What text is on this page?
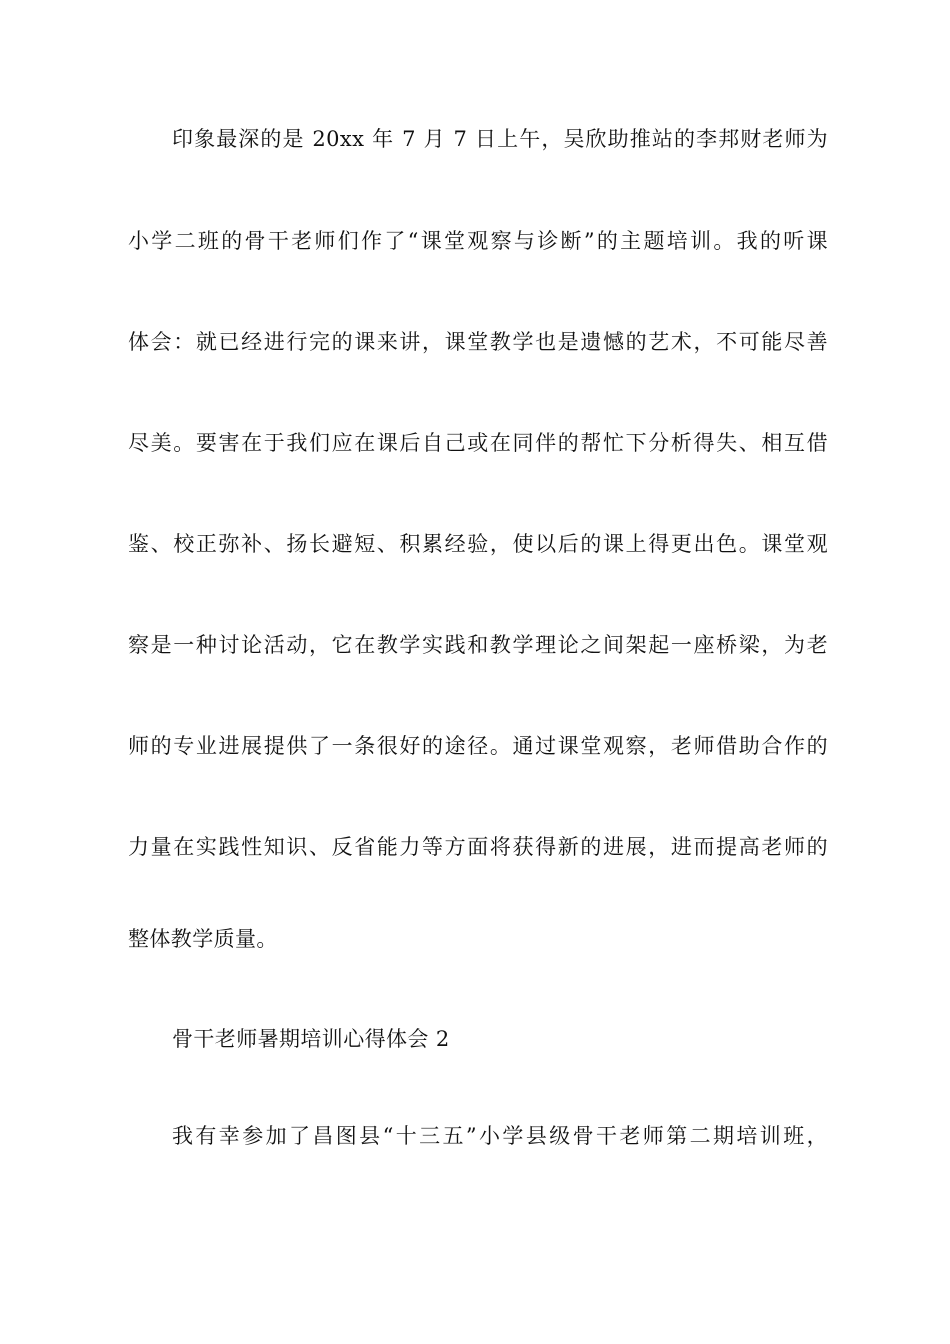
印象最深的是 20xx 年 7 月 7 日上午，吴欣助推站的李邦财老师为
小学二班的骨干老师们作了“课堂观察与诊断”的主题培训。我的听课
体会：就已经进行完的课来讲，课堂教学也是遗憾的艺术，不可能尽善
尽美。要害在于我们应在课后自己或在同伴的帮忙下分析得失、相互借
鉴、校正弥补、扬长避短、积累经验，使以后的课上得更出色。课堂观
察是一种讨论活动，它在教学实践和教学理论之间架起一座桥梁，为老
师的专业进展提供了一条很好的途径。通过课堂观察，老师借助合作的
力量在实践性知识、反省能力等方面将获得新的进展，进而提高老师的
整体教学质量。
骨干老师暑期培训心得体会 2
我有幸参加了昌图县“十三五”小学县级骨干老师第二期培训班，
